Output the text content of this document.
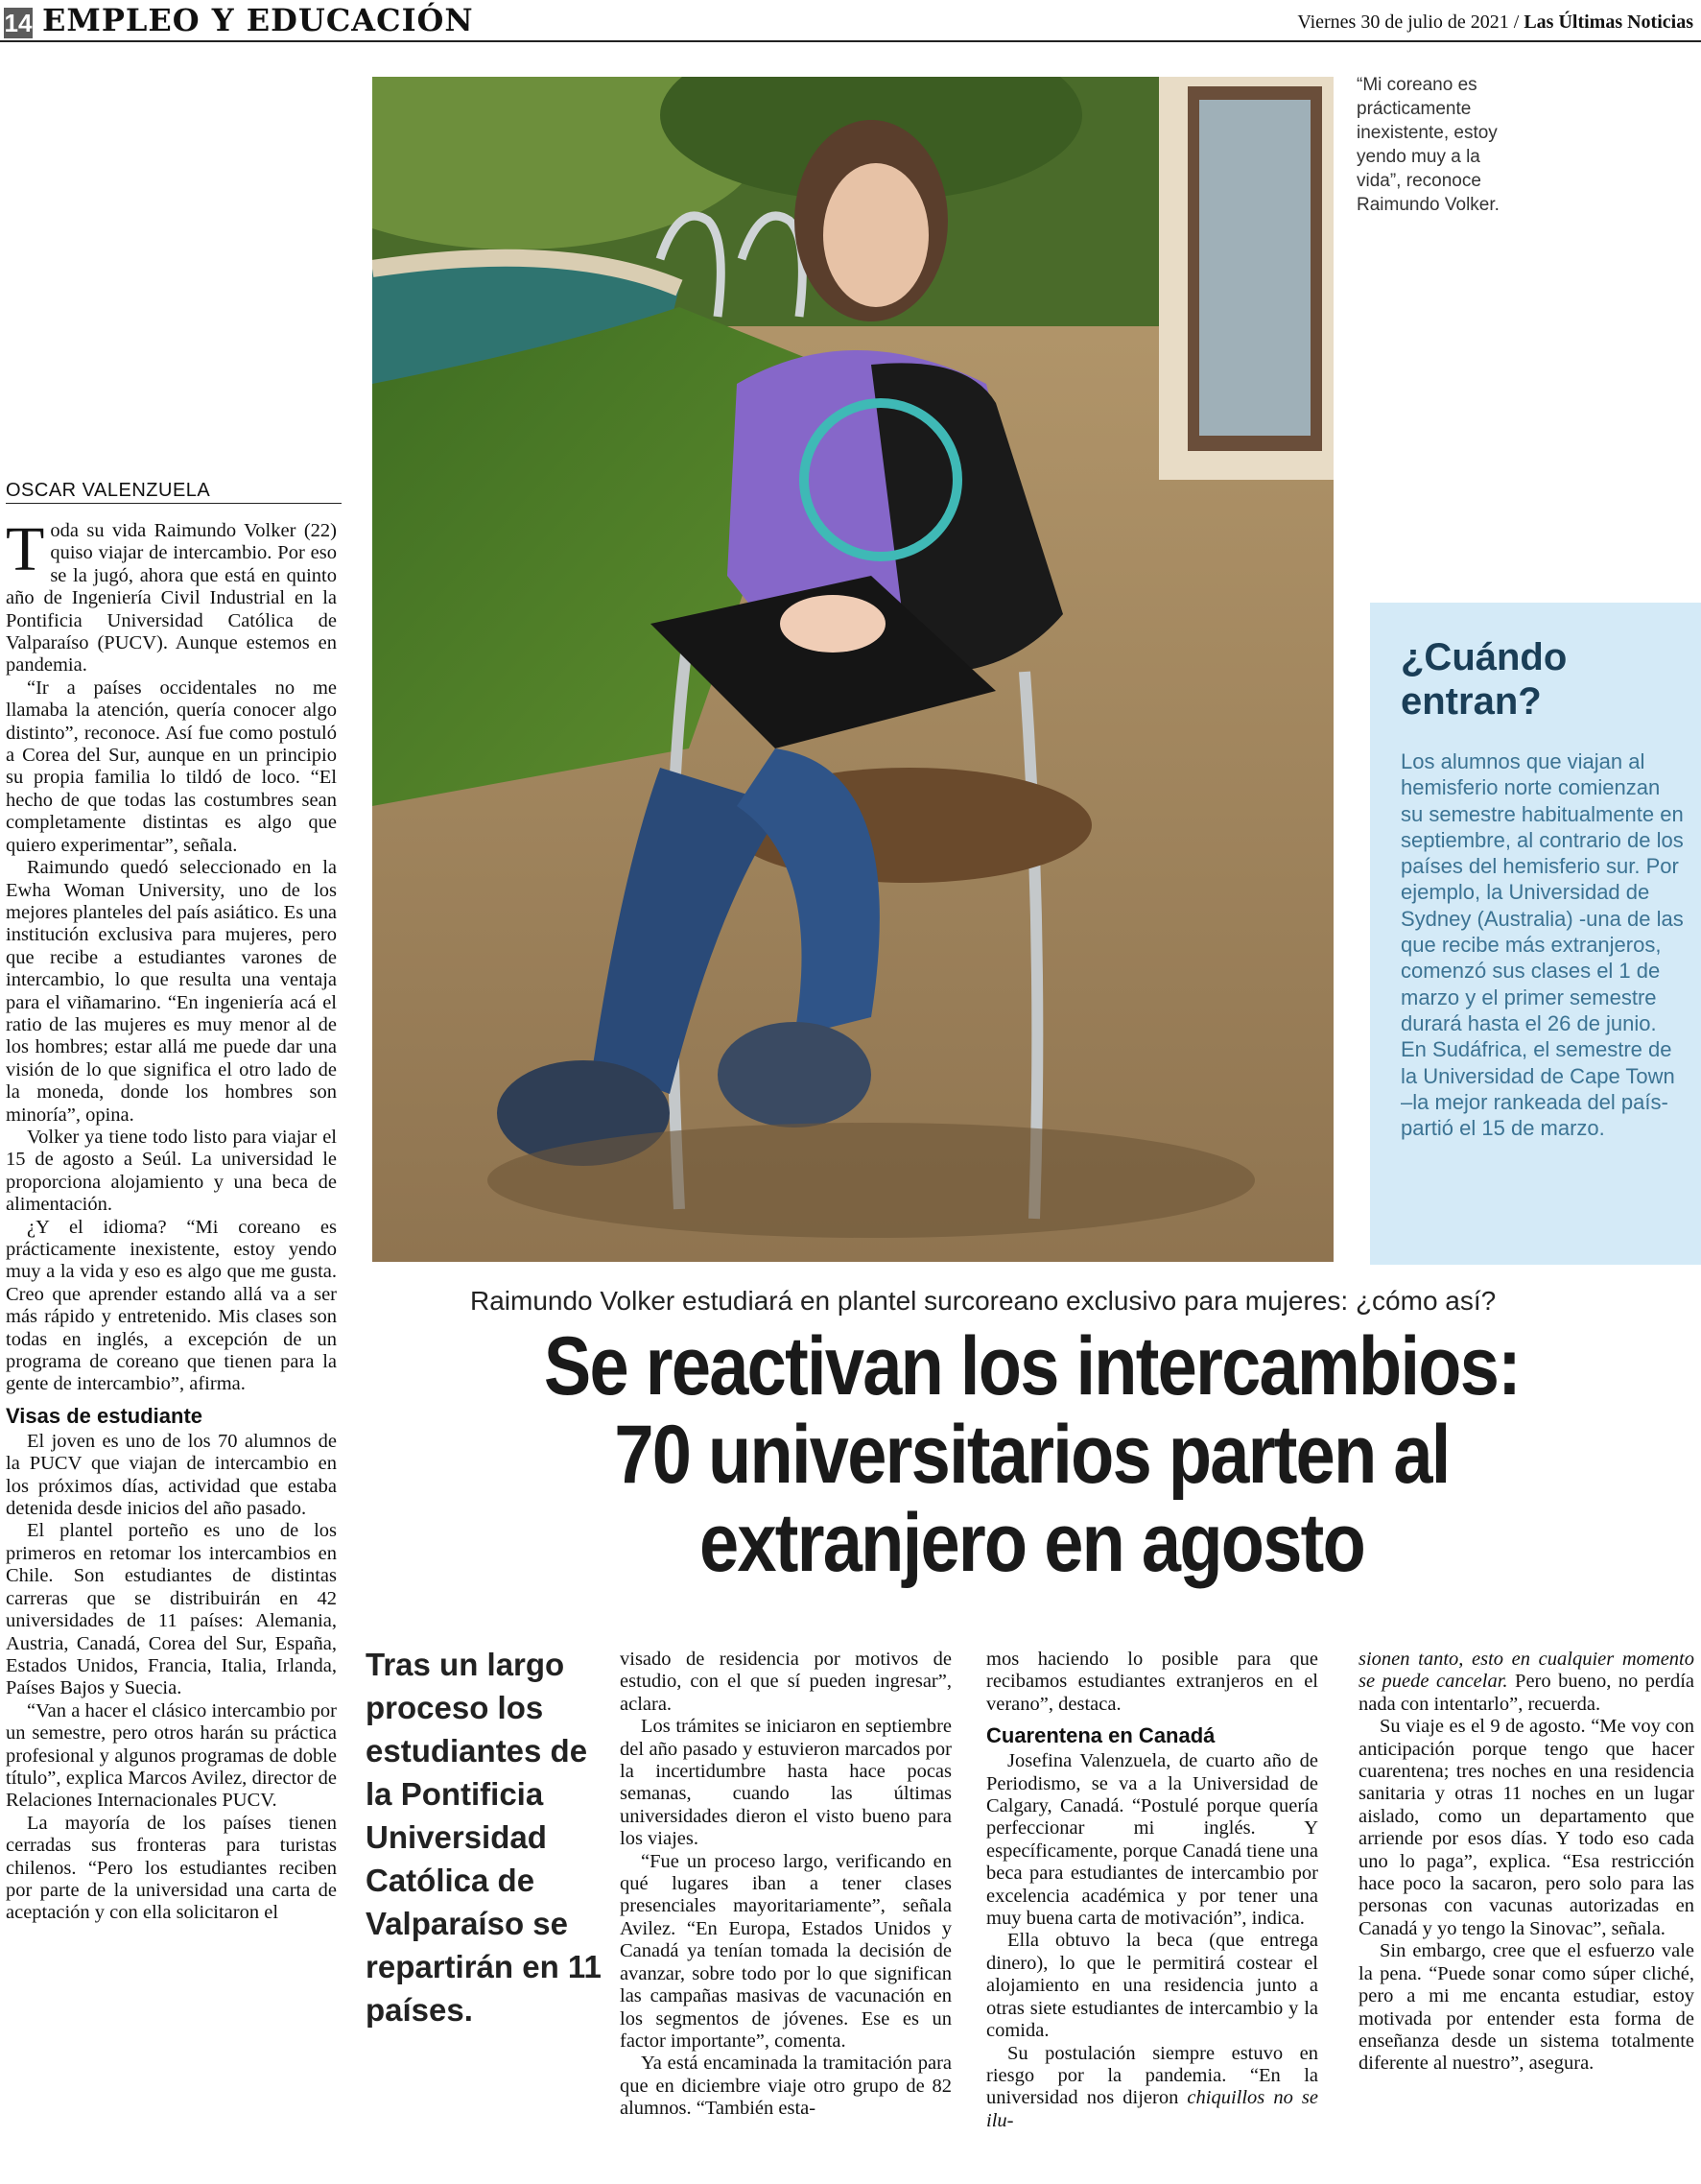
14 EMPLEO Y EDUCACIÓN	Viernes 30 de julio de 2021 / Las Últimas Noticias
“Mi coreano es prácticamente inexistente, estoy yendo muy a la vida”, reconoce Raimundo Volker.
OSCAR VALENZUELA

Toda su vida Raimundo Volker (22) quiso viajar de intercambio. Por eso se la jugó, ahora que está en quinto año de Ingeniería Civil Industrial en la Pontificia Universidad Católica de Valparaíso (PUCV). Aunque estemos en pandemia.

“Ir a países occidentales no me llamaba la atención, quería conocer algo distinto”, reconoce. Así fue como postuló a Corea del Sur, aunque en un principio su propia familia lo tildó de loco. “El hecho de que todas las costumbres sean completamente distintas es algo que quiero experimentar”, señala.

Raimundo quedó seleccionado en la Ewha Woman University, uno de los mejores planteles del país asiático. Es una institución exclusiva para mujeres, pero que recibe a estudiantes varones de intercambio, lo que resulta una ventaja para el viñamarino. “En ingeniería acá el ratio de las mujeres es muy menor al de los hombres; estar allá me puede dar una visión de lo que significa el otro lado de la moneda, donde los hombres son minoría”, opina.

Volker ya tiene todo listo para viajar el 15 de agosto a Seúl. La universidad le proporciona alojamiento y una beca de alimentación.

¿Y el idioma? “Mi coreano es prácticamente inexistente, estoy yendo muy a la vida y eso es algo que me gusta. Creo que aprender estando allá va a ser más rápido y entretenido. Mis clases son todas en inglés, a excepción de un programa de coreano que tienen para la gente de intercambio”, afirma.

Visas de estudiante

El joven es uno de los 70 alumnos de la PUCV que viajan de intercambio en los próximos días, actividad que estaba detenida desde inicios del año pasado.

El plantel porteño es uno de los primeros en retomar los intercambios en Chile. Son estudiantes de distintas carreras que se distribuirán en 42 universidades de 11 países: Alemania, Austria, Canadá, Corea del Sur, España, Estados Unidos, Francia, Italia, Irlanda, Países Bajos y Suecia.

“Van a hacer el clásico intercambio por un semestre, pero otros harán su práctica profesional y algunos programas de doble título”, explica Marcos Avilez, director de Relaciones Internacionales PUCV.

La mayoría de los países tienen cerradas sus fronteras para turistas chilenos. “Pero los estudiantes reciben por parte de la universidad una carta de aceptación y con ella solicitaron el

¿Cuándo entran?
Los alumnos que viajan al hemisferio norte comienzan su semestre habitualmente en septiembre, al contrario de los países del hemisferio sur. Por ejemplo, la Universidad de Sydney (Australia) -una de las que recibe más extranjeros, comenzó sus clases el 1 de marzo y el primer semestre durará hasta el 26 de junio. En Sudáfrica, el semestre de la Universidad de Cape Town –la mejor rankeada del país- partió el 15 de marzo.
Raimundo Volker estudiará en plantel surcoreano exclusivo para mujeres: ¿cómo así?
Se reactivan los intercambios:
70 universitarios parten al
extranjero en agosto
Tras un largo proceso los estudiantes de la Pontificia Universidad Católica de Valparaíso se repartirán en 11 países.

visado de residencia por motivos de estudio, con el que sí pueden ingresar”, aclara.

Los trámites se iniciaron en septiembre del año pasado y estuvieron marcados por la incertidumbre hasta hace pocas semanas, cuando las últimas universidades dieron el visto bueno para los viajes.

“Fue un proceso largo, verificando en qué lugares iban a tener clases presenciales mayoritariamente”, señala Avilez. “En Europa, Estados Unidos y Canadá ya tenían tomada la decisión de avanzar, sobre todo por lo que significan las campañas masivas de vacunación en los segmentos de jóvenes. Ese es un factor importante”, comenta.

Ya está encaminada la tramitación para que en diciembre viaje otro grupo de 82 alumnos. “También esta-

mos haciendo lo posible para que recibamos estudiantes extranjeros en el verano”, destaca.

Cuarentena en Canadá

Josefina Valenzuela, de cuarto año de Periodismo, se va a la Universidad de Calgary, Canadá. “Postulé porque quería perfeccionar mi inglés. Y específicamente, porque Canadá tiene una beca para estudiantes de intercambio por excelencia académica y por tener una muy buena carta de motivación”, indica.

Ella obtuvo la beca (que entrega dinero), lo que le permitirá costear el alojamiento en una residencia junto a otras siete estudiantes de intercambio y la comida.

Su postulación siempre estuvo en riesgo por la pandemia. “En la universidad nos dijeron chiquillos no se ilu-

sionen tanto, esto en cualquier momento se puede cancelar. Pero bueno, no perdía nada con intentarlo”, recuerda.

Su viaje es el 9 de agosto. “Me voy con anticipación porque tengo que hacer cuarentena; tres noches en una residencia sanitaria y otras 11 noches en un lugar aislado, como un departamento que arriende por esos días. Y todo eso cada uno lo paga”, explica. “Esa restricción hace poco la sacaron, pero solo para las personas con vacunas autorizadas en Canadá y yo tengo la Sinovac”, señala.

Sin embargo, cree que el esfuerzo vale la pena. “Puede sonar como súper cliché, pero a mi me encanta estudiar, estoy motivada por entender esta forma de enseñanza desde un sistema totalmente diferente al nuestro”, asegura.
